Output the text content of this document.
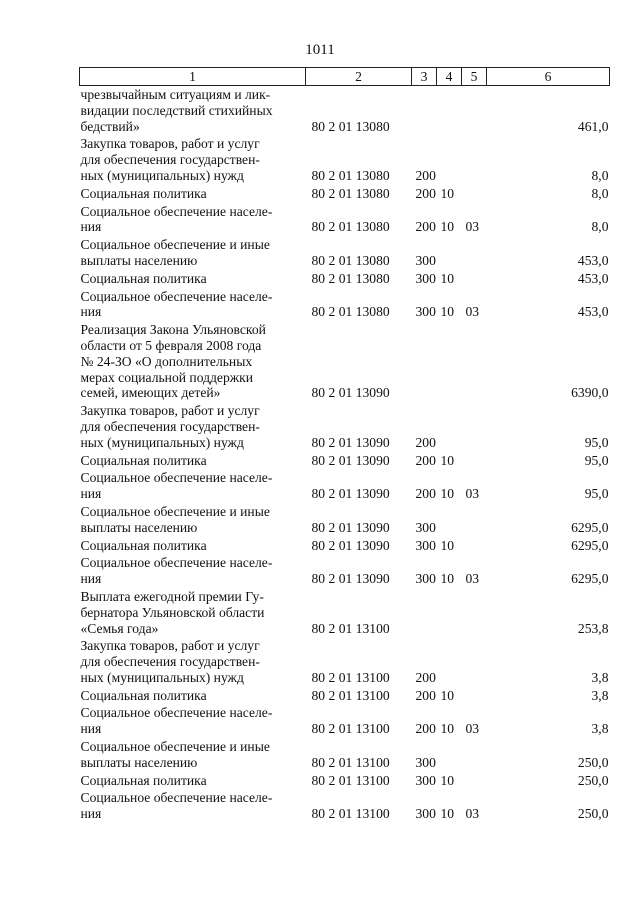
1011
1	2	3	4	5	6

чрезвычайным ситуациям и лик-
видации последствий стихийных
бедствий»	80 2 01 13080				461,0

Закупка товаров, работ и услуг
для обеспечения государствен-
ных (муниципальных) нужд	80 2 01 13080	200			8,0

Социальная политика	80 2 01 13080	200	10		8,0

Социальное обеспечение населе-
ния	80 2 01 13080	200	10	03	8,0

Социальное обеспечение и иные
выплаты населению	80 2 01 13080	300			453,0

Социальная политика	80 2 01 13080	300	10		453,0

Социальное обеспечение населе-
ния	80 2 01 13080	300	10	03	453,0

Реализация Закона Ульяновской
области от 5 февраля 2008 года
№ 24-ЗО «О дополнительных
мерах социальной поддержки
семей, имеющих детей»	80 2 01 13090				6390,0

Закупка товаров, работ и услуг
для обеспечения государствен-
ных (муниципальных) нужд	80 2 01 13090	200			95,0

Социальная политика	80 2 01 13090	200	10		95,0

Социальное обеспечение населе-
ния	80 2 01 13090	200	10	03	95,0

Социальное обеспечение и иные
выплаты населению	80 2 01 13090	300			6295,0

Социальная политика	80 2 01 13090	300	10		6295,0

Социальное обеспечение населе-
ния	80 2 01 13090	300	10	03	6295,0

Выплата ежегодной премии Гу-
бернатора Ульяновской области
«Семья года»	80 2 01 13100				253,8

Закупка товаров, работ и услуг
для обеспечения государствен-
ных (муниципальных) нужд	80 2 01 13100	200			3,8

Социальная политика	80 2 01 13100	200	10		3,8

Социальное обеспечение населе-
ния	80 2 01 13100	200	10	03	3,8

Социальное обеспечение и иные
выплаты населению	80 2 01 13100	300			250,0

Социальная политика	80 2 01 13100	300	10		250,0

Социальное обеспечение населе-
ния	80 2 01 13100	300	10	03	250,0
